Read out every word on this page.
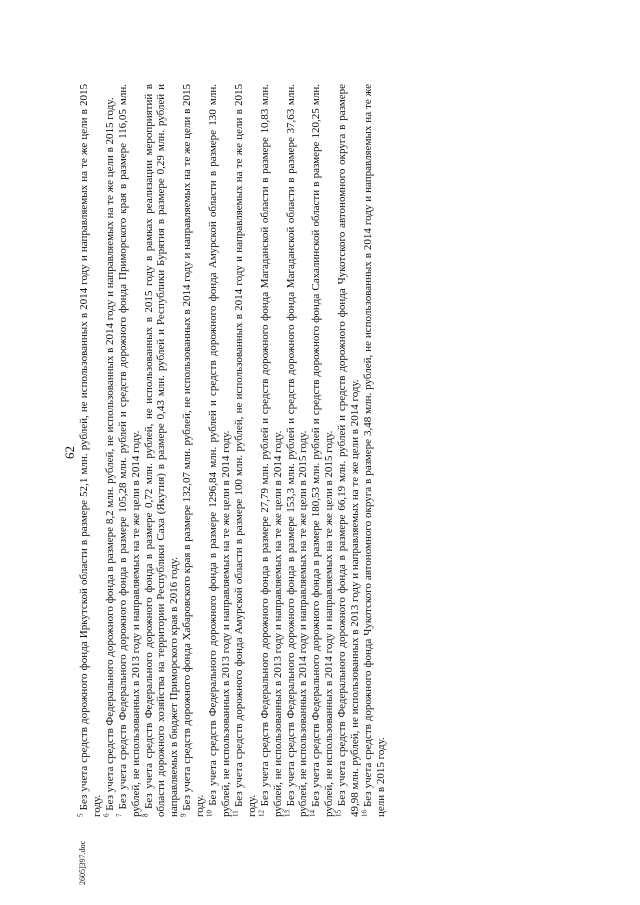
62

$^5$ Без учета средств дорожного фонда Иркутской области в размере 52,1 млн. рублей, не использованных в 2014 году и направляемых на те же цели в 2015 году. $^6$ Без учета средств Федерального дорожного фонда в размере 8,2 млн. рублей, не использованных в 2014 году и направляемых на те же цели в 2015 году.

$^7$ Без учета средств Федерального дорожного фонда в размере 105,28 млн. рублей и средств дорожного фонда Приморского края в размере 116,05 млн. рублей, не использованных в 2013 году и направляемых на те же цели в 2014 году. $^8$ Без учета средств Федерального дорожного фонда в размере 0,72 млн. рублей, не использованных в 2015 году в рамках реализации мероприятий в области дорожного хозяйства на территории Республики Саха (Якутия) в размере 0,43 млн. рублей и Республики Бурятия в размере 0,29 млн. рублей и направляемых в бюджет Приморского края в 2016 году. $^9$ Без учета средств дорожного фонда Хабаровского края в размере 132,07 млн. рублей, не использованных в 2014 году и направляемых на те же цели в 2015 году. $^{10}$ Без учета средств Федерального дорожного фонда в размере 1296,84 млн. рублей и средств дорожного фонда Амурской области в размере 130 млн. рублей, не использованных в 2013 году и направляемых на те же цели в 2014 году. $^{11}$ Без учета средств дорожного фонда Амурской области в размере 100 млн. рублей, не использованных в 2014 году и направляемых на те же цели в 2015 году. $^{12}$ Без учета средств Федерального дорожного фонда в размере 27,79 млн. рублей и средств дорожного фонда Магаданской области в размере 10,83 млн. рублей, не использованных в 2013 году и направляемых на те же цели в 2014 году. $^{13}$ Без учета средств Федерального дорожного фонда в размере 153,3 млн. рублей и средств дорожного фонда Магаданской области в размере 37,63 млн. рублей, не использованных в 2014 году и направляемых на те же цели в 2015 году. $^{14}$ Без учета средств Федерального дорожного фонда в размере 180,53 млн. рублей и средств дорожного фонда Сахалинской области в размере 120,25 млн. рублей, не использованных в 2014 году и направляемых на те же цели в 2015 году. $^{15}$ Без учета средств Федерального дорожного фонда в размере 66,19 млн. рублей и средств дорожного фонда Чукотского автономного округа в размере 49,98 млн. рублей, не использованных в 2013 году и направляемых на те же цели в 2014 году. $^{16}$ Без учета средств дорожного фонда Чукотского автономного округа в размере 3,48 млн. рублей, не использованных в 2014 году и направляемых на те же цели в 2015 году.

2605]397.doc
